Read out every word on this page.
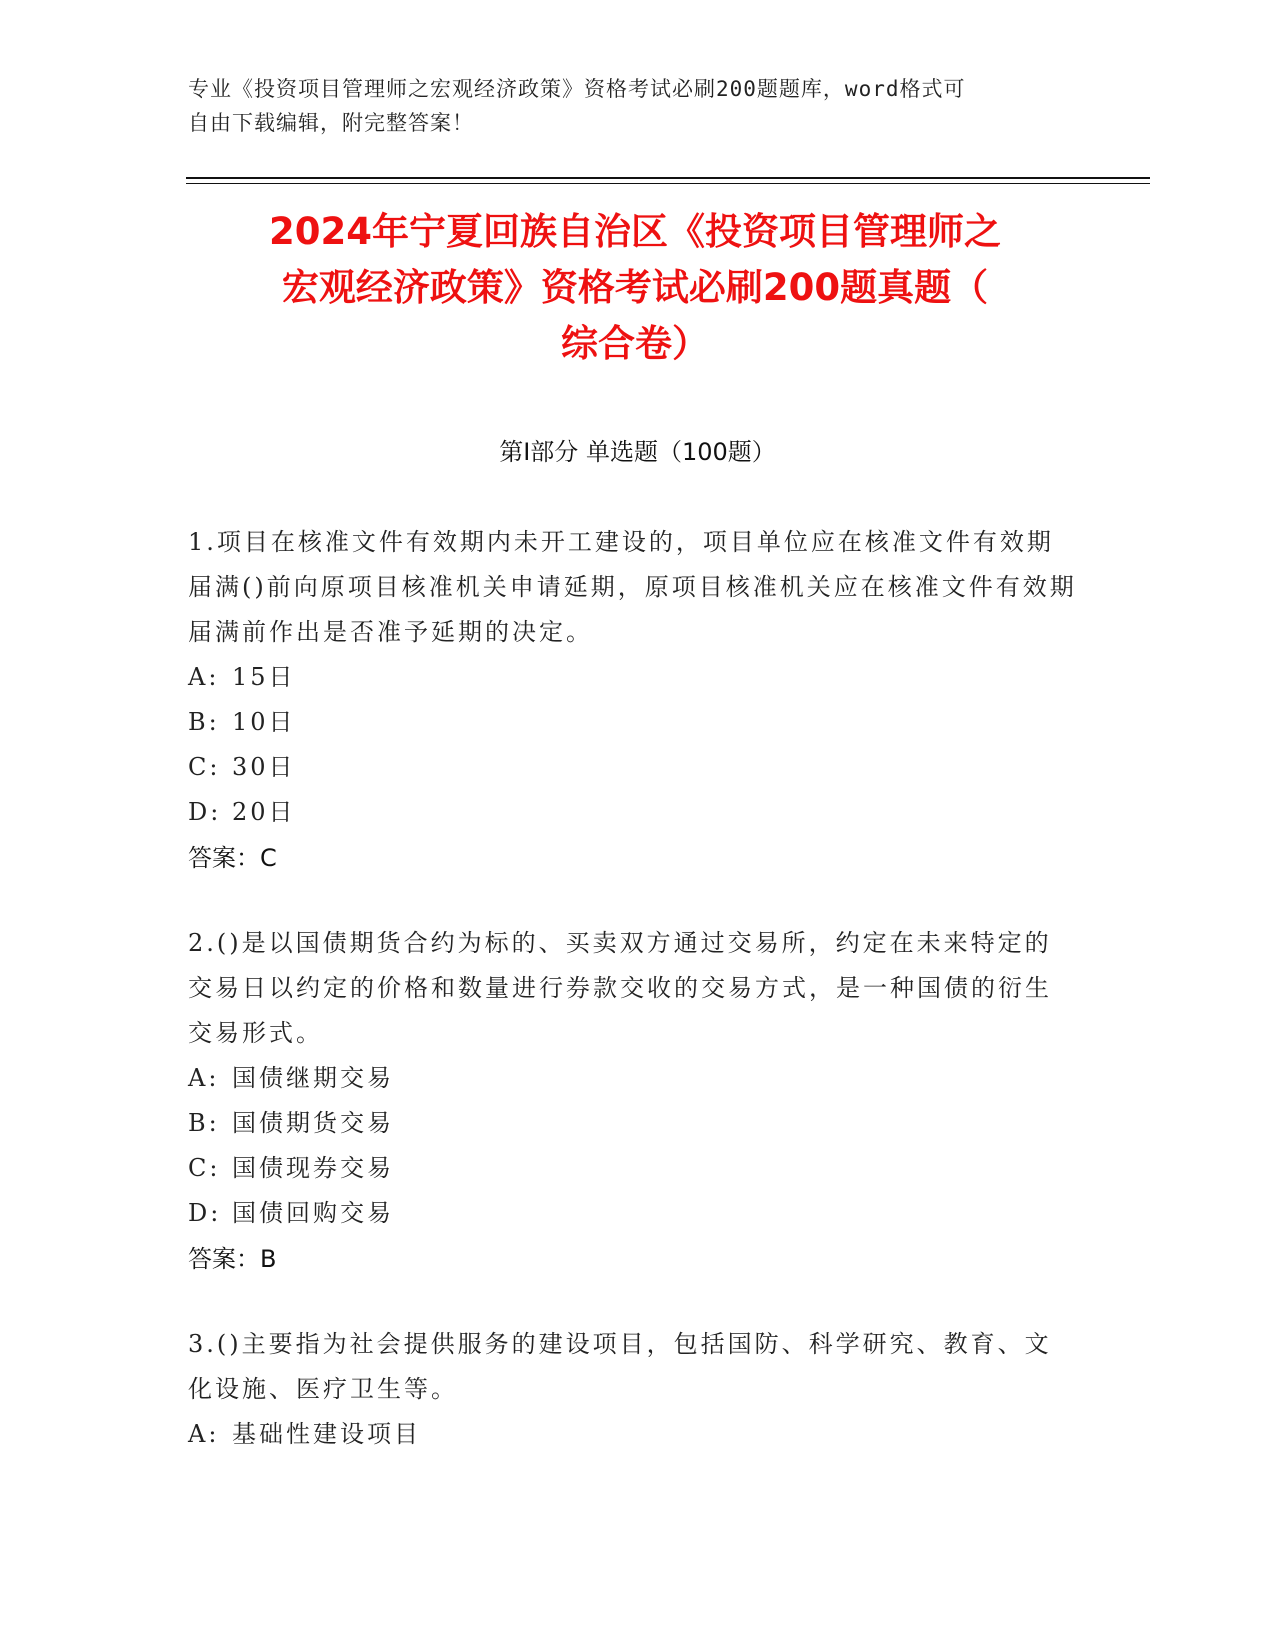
专业《投资项目管理师之宏观经济政策》资格考试必刷200题题库，word格式可
自由下载编辑，附完整答案！
2024年宁夏回族自治区《投资项目管理师之
宏观经济政策》资格考试必刷200题真题（
综合卷）
第Ⅰ部分 单选题（100题）
1.项目在核准文件有效期内未开工建设的，项目单位应在核准文件有效期届满()前向原项目核准机关申请延期，原项目核准机关应在核准文件有效期届满前作出是否准予延期的决定。
A: 15日
B: 10日
C: 30日
D: 20日
答案：C
2.()是以国债期货合约为标的、买卖双方通过交易所，约定在未来特定的交易日以约定的价格和数量进行券款交收的交易方式，是一种国债的衍生交易形式。
A: 国债继期交易
B: 国债期货交易
C: 国债现券交易
D: 国债回购交易
答案：B
3.()主要指为社会提供服务的建设项目，包括国防、科学研究、教育、文化设施、医疗卫生等。
A: 基础性建设项目
